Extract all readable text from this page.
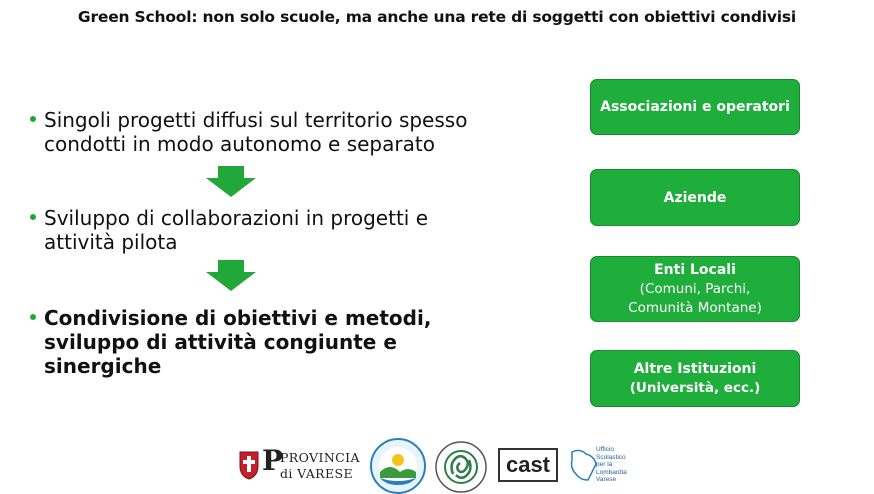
Green School: non solo scuole, ma anche una rete di soggetti con obiettivi condivisi
Singoli progetti diffusi sul territorio spesso
condotti in modo autonomo e separato
Sviluppo di collaborazioni in progetti e
attività pilota
Condivisione di obiettivi e metodi,
sviluppo di attività congiunte e
sinergiche
Associazioni e operatori
Aziende
Enti Locali
(Comuni, Parchi,
Comunità Montane)
Altre Istituzioni
(Università, ecc.)
P
PROVINCIA
di VARESE	cast
Ufficio
Scolastico
per la
Lombardia
Varese
